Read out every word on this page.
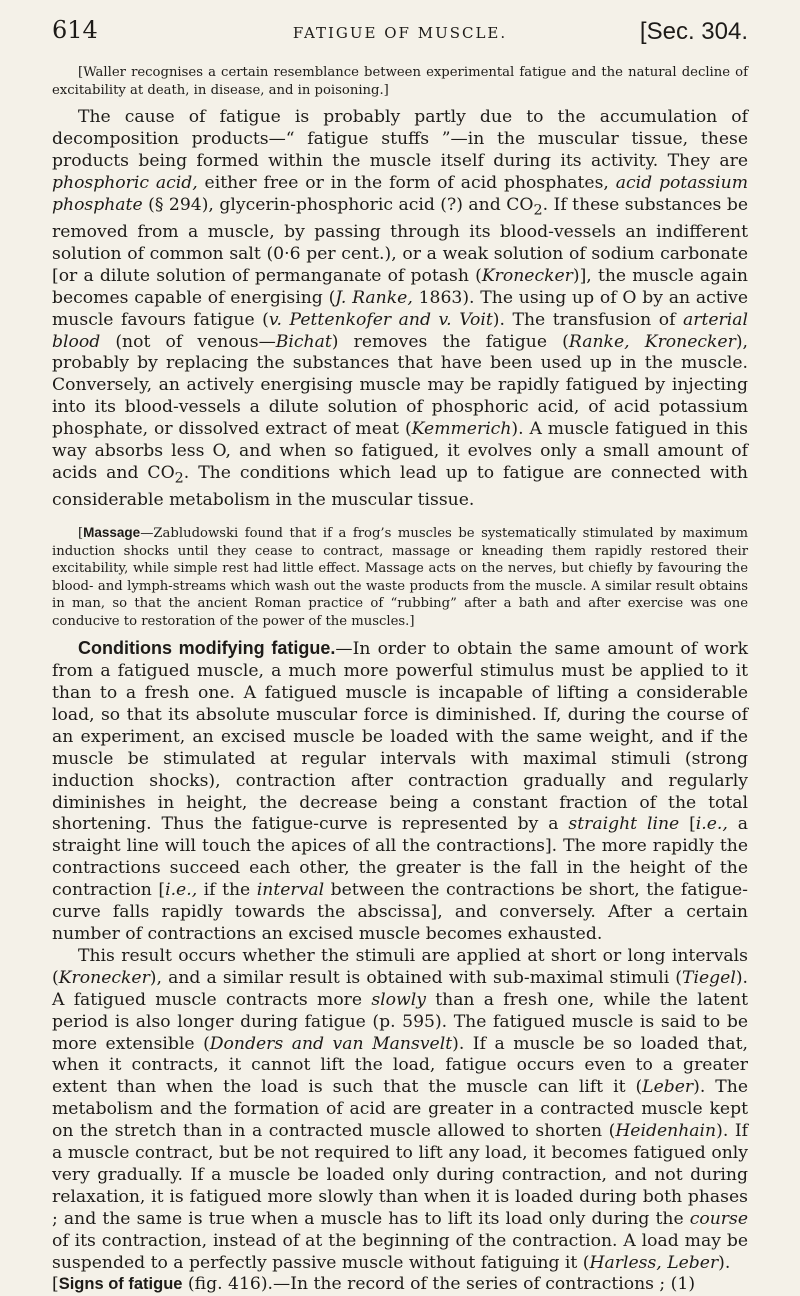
614	FATIGUE OF MUSCLE.	[Sec. 304.

[Waller recognises a certain resemblance between experimental fatigue and the natural decline of excitability at death, in disease, and in poisoning.]

The cause of fatigue is probably partly due to the accumulation of decomposition products—“ fatigue stuffs ”—in the muscular tissue, these products being formed within the muscle itself during its activity. They are phosphoric acid, either free or in the form of acid phosphates, acid potassium phosphate (§ 294), glycerin-phosphoric acid (?) and $CO_2$. If these substances be removed from a muscle, by passing through its blood-vessels an indifferent solution of common salt (0·6 per cent.), or a weak solution of sodium carbonate [or a dilute solution of permanganate of potash (Kronecker)], the muscle again becomes capable of energising (J. Ranke, 1863). The using up of O by an active muscle favours fatigue (v. Pettenkofer and v. Voit). The transfusion of arterial blood (not of venous—Bichat) removes the fatigue (Ranke, Kronecker), probably by replacing the substances that have been used up in the muscle. Conversely, an actively energising muscle may be rapidly fatigued by injecting into its blood-vessels a dilute solution of phosphoric acid, of acid potassium phosphate, or dissolved extract of meat (Kemmerich). A muscle fatigued in this way absorbs less O, and when so fatigued, it evolves only a small amount of acids and $CO_2$. The conditions which lead up to fatigue are connected with considerable metabolism in the muscular tissue.

[Massage—Zabludowski found that if a frog’s muscles be systematically stimulated by maximum induction shocks until they cease to contract, massage or kneading them rapidly restored their excitability, while simple rest had little effect. Massage acts on the nerves, but chiefly by favouring the blood- and lymph-streams which wash out the waste products from the muscle. A similar result obtains in man, so that the ancient Roman practice of “rubbing” after a bath and after exercise was one conducive to restoration of the power of the muscles.]

Conditions modifying fatigue.—In order to obtain the same amount of work from a fatigued muscle, a much more powerful stimulus must be applied to it than to a fresh one. A fatigued muscle is incapable of lifting a considerable load, so that its absolute muscular force is diminished. If, during the course of an experiment, an excised muscle be loaded with the same weight, and if the muscle be stimulated at regular intervals with maximal stimuli (strong induction shocks), contraction after contraction gradually and regularly diminishes in height, the decrease being a constant fraction of the total shortening. Thus the fatigue-curve is represented by a straight line [i.e., a straight line will touch the apices of all the contractions]. The more rapidly the contractions succeed each other, the greater is the fall in the height of the contraction [i.e., if the interval between the contractions be short, the fatigue-curve falls rapidly towards the abscissa], and conversely. After a certain number of contractions an excised muscle becomes exhausted.

This result occurs whether the stimuli are applied at short or long intervals (Kronecker), and a similar result is obtained with sub-maximal stimuli (Tiegel). A fatigued muscle contracts more slowly than a fresh one, while the latent period is also longer during fatigue (p. 595). The fatigued muscle is said to be more extensible (Donders and van Mansvelt). If a muscle be so loaded that, when it contracts, it cannot lift the load, fatigue occurs even to a greater extent than when the load is such that the muscle can lift it (Leber). The metabolism and the formation of acid are greater in a contracted muscle kept on the stretch than in a contracted muscle allowed to shorten (Heidenhain). If a muscle contract, but be not required to lift any load, it becomes fatigued only very gradually. If a muscle be loaded only during contraction, and not during relaxation, it is fatigued more slowly than when it is loaded during both phases ; and the same is true when a muscle has to lift its load only during the course of its contraction, instead of at the beginning of the contraction. A load may be suspended to a perfectly passive muscle without fatiguing it (Harless, Leber).

[Signs of fatigue (fig. 416).—In the record of the series of contractions ; (1)
